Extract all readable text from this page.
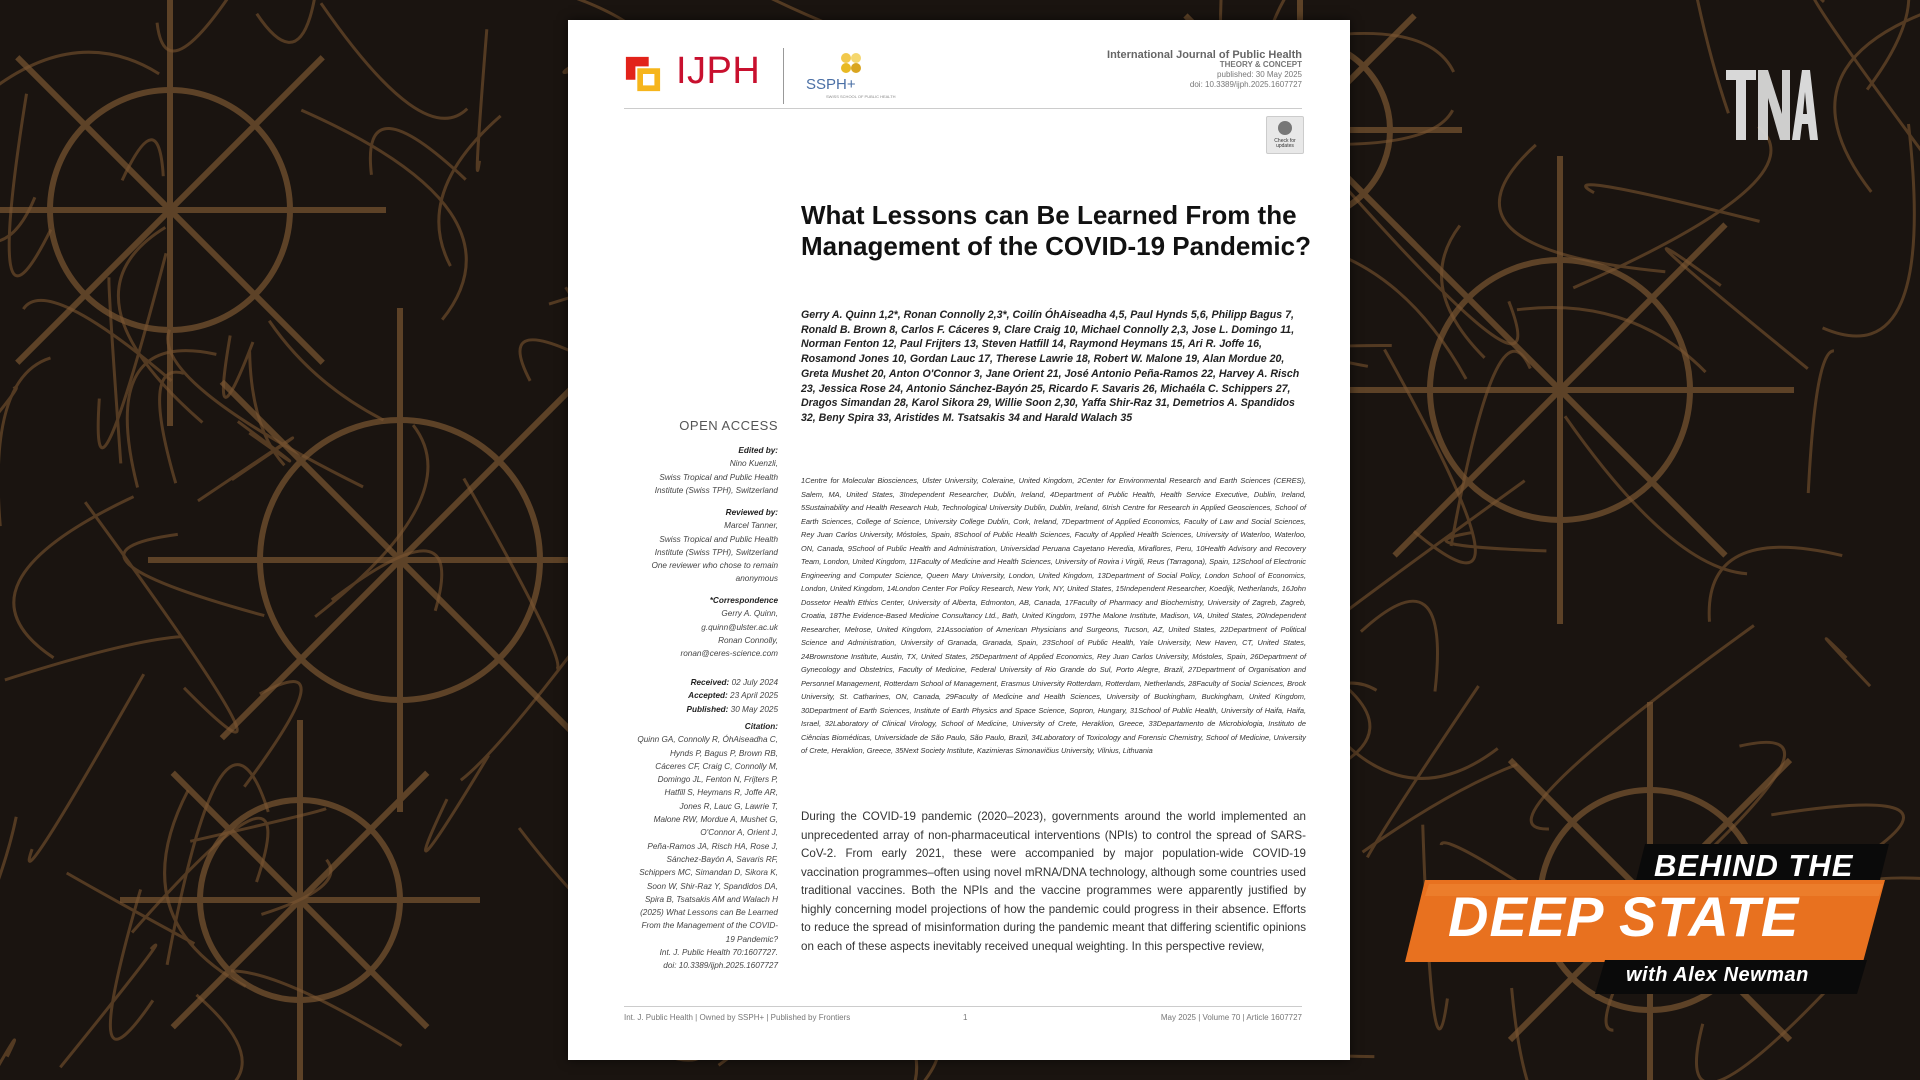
IJPH	SSPH+
SWISS SCHOOL OF PUBLIC HEALTH
International Journal of Public Health
THEORY & CONCEPT
published: 30 May 2025
doi: 10.3389/ijph.2025.1607727
Check for updates
What Lessons can Be Learned From the Management of the COVID-19 Pandemic?
Gerry A. Quinn 1,2*, Ronan Connolly 2,3*, Coilín ÓhAiseadha 4,5, Paul Hynds 5,6, Philipp Bagus 7, Ronald B. Brown 8, Carlos F. Cáceres 9, Clare Craig 10, Michael Connolly 2,3, Jose L. Domingo 11, Norman Fenton 12, Paul Frijters 13, Steven Hatfill 14, Raymond Heymans 15, Ari R. Joffe 16, Rosamond Jones 10, Gordan Lauc 17, Therese Lawrie 18, Robert W. Malone 19, Alan Mordue 20, Greta Mushet 20, Anton O'Connor 3, Jane Orient 21, José Antonio Peña-Ramos 22, Harvey A. Risch 23, Jessica Rose 24, Antonio Sánchez-Bayón 25, Ricardo F. Savaris 26, Michaéla C. Schippers 27, Dragos Simandan 28, Karol Sikora 29, Willie Soon 2,30, Yaffa Shir-Raz 31, Demetrios A. Spandidos 32, Beny Spira 33, Aristides M. Tsatsakis 34 and Harald Walach 35
1Centre for Molecular Biosciences, Ulster University, Coleraine, United Kingdom, 2Center for Environmental Research and Earth Sciences (CERES), Salem, MA, United States, 3Independent Researcher, Dublin, Ireland, 4Department of Public Health, Health Service Executive, Dublin, Ireland, 5Sustainability and Health Research Hub, Technological University Dublin, Dublin, Ireland, 6Irish Centre for Research in Applied Geosciences, School of Earth Sciences, College of Science, University College Dublin, Cork, Ireland, 7Department of Applied Economics, Faculty of Law and Social Sciences, Rey Juan Carlos University, Móstoles, Spain, 8School of Public Health Sciences, Faculty of Applied Health Sciences, University of Waterloo, Waterloo, ON, Canada, 9School of Public Health and Administration, Universidad Peruana Cayetano Heredia, Miraflores, Peru, 10Health Advisory and Recovery Team, London, United Kingdom, 11Faculty of Medicine and Health Sciences, University of Rovira i Virgili, Reus (Tarragona), Spain, 12School of Electronic Engineering and Computer Science, Queen Mary University, London, United Kingdom, 13Department of Social Policy, London School of Economics, London, United Kingdom, 14London Center For Policy Research, New York, NY, United States, 15Independent Researcher, Koedijk, Netherlands, 16John Dossetor Health Ethics Center, University of Alberta, Edmonton, AB, Canada, 17Faculty of Pharmacy and Biochemistry, University of Zagreb, Zagreb, Croatia, 18The Evidence-Based Medicine Consultancy Ltd., Bath, United Kingdom, 19The Malone Institute, Madison, VA, United States, 20Independent Researcher, Melrose, United Kingdom, 21Association of American Physicians and Surgeons, Tucson, AZ, United States, 22Department of Political Science and Administration, University of Granada, Granada, Spain, 23School of Public Health, Yale University, New Haven, CT, United States, 24Brownstone Institute, Austin, TX, United States, 25Department of Applied Economics, Rey Juan Carlos University, Móstoles, Spain, 26Department of Gynecology and Obstetrics, Faculty of Medicine, Federal University of Rio Grande do Sul, Porto Alegre, Brazil, 27Department of Organisation and Personnel Management, Rotterdam School of Management, Erasmus University Rotterdam, Rotterdam, Netherlands, 28Faculty of Social Sciences, Brock University, St. Catharines, ON, Canada, 29Faculty of Medicine and Health Sciences, University of Buckingham, Buckingham, United Kingdom, 30Department of Earth Sciences, Institute of Earth Physics and Space Science, Sopron, Hungary, 31School of Public Health, University of Haifa, Haifa, Israel, 32Laboratory of Clinical Virology, School of Medicine, University of Crete, Heraklion, Greece, 33Departamento de Microbiologia, Instituto de Ciências Biomédicas, Universidade de São Paulo, São Paulo, Brazil, 34Laboratory of Toxicology and Forensic Chemistry, School of Medicine, University of Crete, Heraklion, Greece, 35Next Society Institute, Kazimieras Simonavičius University, Vilnius, Lithuania
During the COVID-19 pandemic (2020–2023), governments around the world implemented an unprecedented array of non-pharmaceutical interventions (NPIs) to control the spread of SARS-CoV-2. From early 2021, these were accompanied by major population-wide COVID-19 vaccination programmes–often using novel mRNA/DNA technology, although some countries used traditional vaccines. Both the NPIs and the vaccine programmes were apparently justified by highly concerning model projections of how the pandemic could progress in their absence. Efforts to reduce the spread of misinformation during the pandemic meant that differing scientific opinions on each of these aspects inevitably received unequal weighting. In this perspective review,
OPEN ACCESS
Edited by:
Nino Kuenzli,
Swiss Tropical and Public Health
Institute (Swiss TPH), Switzerland
Reviewed by:
Marcel Tanner,
Swiss Tropical and Public Health
Institute (Swiss TPH), Switzerland
One reviewer who chose to remain
anonymous
*Correspondence
Gerry A. Quinn,
g.quinn@ulster.ac.uk
Ronan Connolly,
ronan@ceres-science.com
Received: 02 July 2024
Accepted: 23 April 2025
Published: 30 May 2025
Citation:
Quinn GA, Connolly R, ÓhAiseadha C,
Hynds P, Bagus P, Brown RB,
Cáceres CF, Craig C, Connolly M,
Domingo JL, Fenton N, Frijters P,
Hatfill S, Heymans R, Joffe AR,
Jones R, Lauc G, Lawrie T,
Malone RW, Mordue A, Mushet G,
O'Connor A, Orient J,
Peña-Ramos JA, Risch HA, Rose J,
Sánchez-Bayón A, Savaris RF,
Schippers MC, Simandan D, Sikora K,
Soon W, Shir-Raz Y, Spandidos DA,
Spira B, Tsatsakis AM and Walach H
(2025) What Lessons can Be Learned
From the Management of the COVID-
19 Pandemic?
Int. J. Public Health 70:1607727.
doi: 10.3389/ijph.2025.1607727
Int. J. Public Health | Owned by SSPH+ | Published by Frontiers	1	May 2025 | Volume 70 | Article 1607727
TNA
BEHIND THE
DEEP STATE
with Alex Newman
